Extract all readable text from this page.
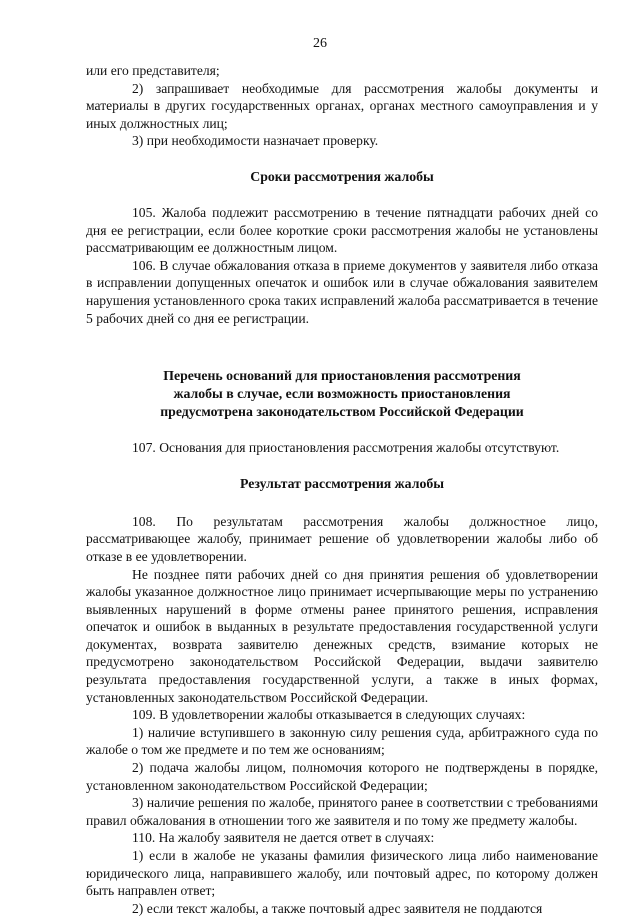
26

или его представителя;

2) запрашивает необходимые для рассмотрения жалобы документы и материалы в других государственных органах, органах местного самоуправления и у иных должностных лиц;

3) при необходимости назначает проверку.

Сроки рассмотрения жалобы

105. Жалоба подлежит рассмотрению в течение пятнадцати рабочих дней со дня ее регистрации, если более короткие сроки рассмотрения жалобы не установлены рассматривающим ее должностным лицом.

106. В случае обжалования отказа в приеме документов у заявителя либо отказа в исправлении допущенных опечаток и ошибок или в случае обжалования заявителем нарушения установленного срока таких исправлений жалоба рассматривается в течение 5 рабочих дней со дня ее регистрации.

Перечень оснований для приостановления рассмотрения
жалобы в случае, если возможность приостановления
предусмотрена законодательством Российской Федерации

107. Основания для приостановления рассмотрения жалобы отсутствуют.

Результат рассмотрения жалобы

108. По результатам рассмотрения жалобы должностное лицо, рассматривающее жалобу, принимает решение об удовлетворении жалобы либо об отказе в ее удовлетворении.

Не позднее пяти рабочих дней со дня принятия решения об удовлетворении жалобы указанное должностное лицо принимает исчерпывающие меры по устранению выявленных нарушений в форме отмены ранее принятого решения, исправления опечаток и ошибок в выданных в результате предоставления государственной услуги документах, возврата заявителю денежных средств, взимание которых не предусмотрено законодательством Российской Федерации, выдачи заявителю результата предоставления государственной услуги, а также в иных формах, установленных законодательством Российской Федерации.

109. В удовлетворении жалобы отказывается в следующих случаях:

1) наличие вступившего в законную силу решения суда, арбитражного суда по жалобе о том же предмете и по тем же основаниям;

2) подача жалобы лицом, полномочия которого не подтверждены в порядке, установленном законодательством Российской Федерации;

3) наличие решения по жалобе, принятого ранее в соответствии с требованиями правил обжалования в отношении того же заявителя и по тому же предмету жалобы.

110. На жалобу заявителя не дается ответ в случаях:

1) если в жалобе не указаны фамилия физического лица либо наименование юридического лица, направившего жалобу, или почтовый адрес, по которому должен быть направлен ответ;

2) если текст жалобы, а также почтовый адрес заявителя не поддаются
